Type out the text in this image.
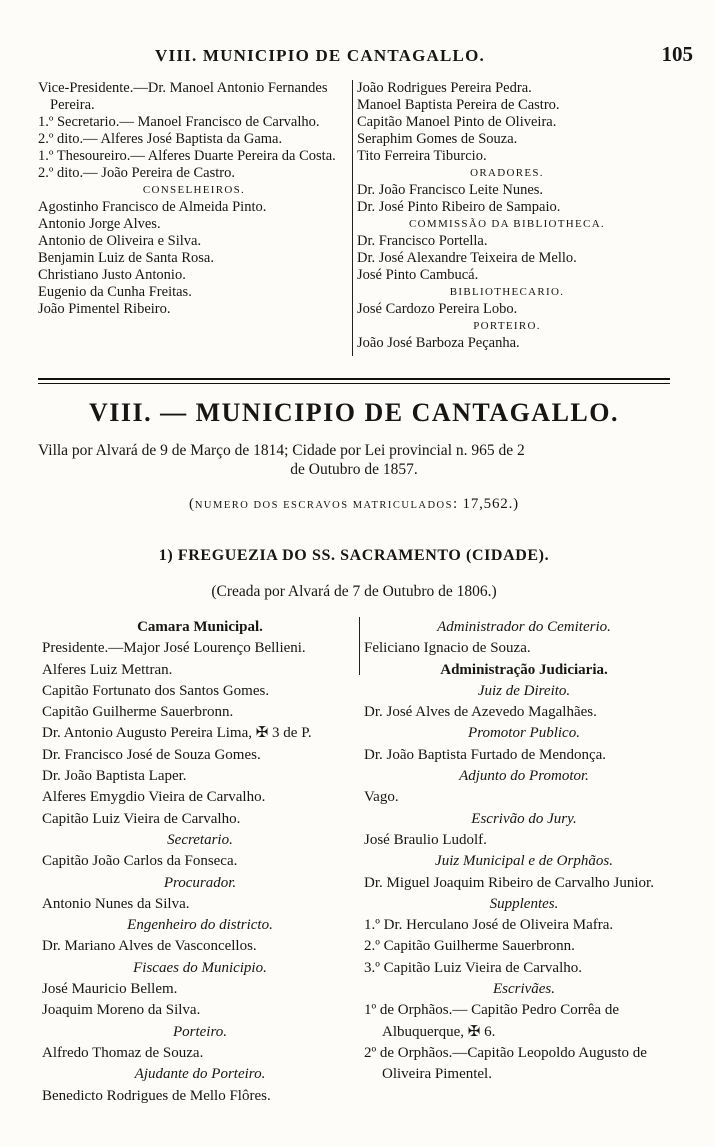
VIII. MUNICIPIO DE CANTAGALLO.	105
Vice-Presidente.—Dr. Manoel Antonio Fernandes Pereira.
1.º Secretario.— Manoel Francisco de Carvalho.
2.º dito.— Alferes José Baptista da Gama.
1.º Thesoureiro.— Alferes Duarte Pereira da Costa.
2.º dito.— João Pereira de Castro.
CONSELHEIROS.
Agostinho Francisco de Almeida Pinto.
Antonio Jorge Alves.
Antonio de Oliveira e Silva.
Benjamin Luiz de Santa Rosa.
Christiano Justo Antonio.
Eugenio da Cunha Freitas.
João Pimentel Ribeiro.
João Rodrigues Pereira Pedra.
Manoel Baptista Pereira de Castro.
Capitão Manoel Pinto de Oliveira.
Seraphim Gomes de Souza.
Tito Ferreira Tiburcio.
ORADORES.
Dr. João Francisco Leite Nunes.
Dr. José Pinto Ribeiro de Sampaio.
COMMISSÃO DA BIBLIOTHECA.
Dr. Francisco Portella.
Dr. José Alexandre Teixeira de Mello.
José Pinto Cambucá.
BIBLIOTHECARIO.
José Cardozo Pereira Lobo.
PORTEIRO.
João José Barboza Peçanha.
VIII. — MUNICIPIO DE CANTAGALLO.
Villa por Alvará de 9 de Março de 1814; Cidade por Lei provincial n. 965 de 2
de Outubro de 1857.
(NUMERO DOS ESCRAVOS MATRICULADOS: 17,562.)
1) FREGUEZIA DO SS. SACRAMENTO (CIDADE).
(Creada por Alvará de 7 de Outubro de 1806.)
Camara Municipal.
Presidente.—Major José Lourenço Bellieni.
Alferes Luiz Mettran.
Capitão Fortunato dos Santos Gomes.
Capitão Guilherme Sauerbronn.
Dr. Antonio Augusto Pereira Lima, ✠ 3 de P.
Dr. Francisco José de Souza Gomes.
Dr. João Baptista Laper.
Alferes Emygdio Vieira de Carvalho.
Capitão Luiz Vieira de Carvalho.
Secretario.
Capitão João Carlos da Fonseca.
Procurador.
Antonio Nunes da Silva.
Engenheiro do districto.
Dr. Mariano Alves de Vasconcellos.
Fiscaes do Municipio.
José Mauricio Bellem.
Joaquim Moreno da Silva.
Porteiro.
Alfredo Thomaz de Souza.
Ajudante do Porteiro.
Benedicto Rodrigues de Mello Flôres.
Administrador do Cemiterio.
Feliciano Ignacio de Souza.
Administração Judiciaria.
Juiz de Direito.
Dr. José Alves de Azevedo Magalhães.
Promotor Publico.
Dr. João Baptista Furtado de Mendonça.
Adjunto do Promotor.
Vago.
Escrivão do Jury.
José Braulio Ludolf.
Juiz Municipal e de Orphãos.
Dr. Miguel Joaquim Ribeiro de Carvalho Junior.
Supplentes.
1.º Dr. Herculano José de Oliveira Mafra.
2.º Capitão Guilherme Sauerbronn.
3.º Capitão Luiz Vieira de Carvalho.
Escrivães.
1º de Orphãos.— Capitão Pedro Corrêa de Albuquerque, ✠ 6.
2º de Orphãos.—Capitão Leopoldo Augusto de Oliveira Pimentel.
